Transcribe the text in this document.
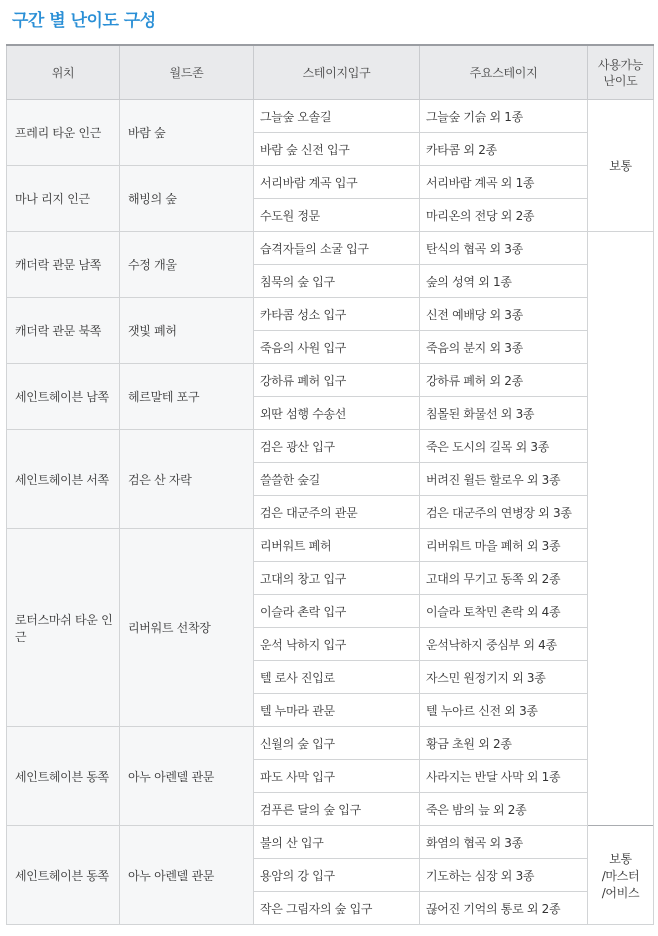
구간 별 난이도 구성
위치	월드존	스테이지입구	주요스테이지	사용가능
난이도	
프레리 타운 인근	바람 숲	그늘숲 오솔길	그늘숲 기슭 외 1종	보통	
		바람 숲 신전 입구	카타콤 외 2종		
마나 리지 인근	해빙의 숲	서리바람 계곡 입구	서리바람 계곡 외 1종	
		수도원 정문	마리온의 전당 외 2종		
캐더락 관문 남쪽	수정 개울	습격자들의 소굴 입구	탄식의 협곡 외 3종		
		침묵의 숲 입구	숲의 성역 외 1종		
캐더락 관문 북쪽	잿빛 폐허	카타콤 성소 입구	신전 예배당 외 3종		
		죽음의 사원 입구	죽음의 분지 외 3종		
세인트헤이븐 남쪽	헤르말테 포구	강하류 폐허 입구	강하류 폐허 외 2종		
		외딴 섬행 수송선	침몰된 화물선 외 3종		
세인트헤이븐 서쪽	검은 산 자락	검은 광산 입구	죽은 도시의 길목 외 3종		
		쓸쓸한 숲길	버려진 윌든 할로우 외 3종		
		검은 대군주의 관문	검은 대군주의 연병장 외 3종		
로터스마쉬 타운 인근	리버워트 선착장	리버워트 폐허	리버워트 마을 폐허 외 3종		
		고대의 창고 입구	고대의 무기고 동쪽 외 2종		
		이슬라 촌락 입구	이슬라 토착민 촌락 외 4종		
		운석 낙하지 입구	운석낙하지 중심부 외 4종		
		텔 로사 진입로	자스민 원정기지 외 3종		
		텔 누마라 관문	텔 누아르 신전 외 3종		
세인트헤이븐 동쪽	아누 아렌델 관문	신월의 숲 입구	황금 초원 외 2종		
		파도 사막 입구	사라지는 반달 사막 외 1종		
		검푸른 달의 숲 입구	죽은 밤의 늪 외 2종		
세인트헤이븐 동쪽	아누 아렌델 관문	불의 산 입구	화염의 협곡 외 3종	보통
/마스터
/어비스	
		용암의 강 입구	기도하는 심장 외 3종		
		작은 그림자의 숲 입구	끊어진 기억의 통로 외 2종		
